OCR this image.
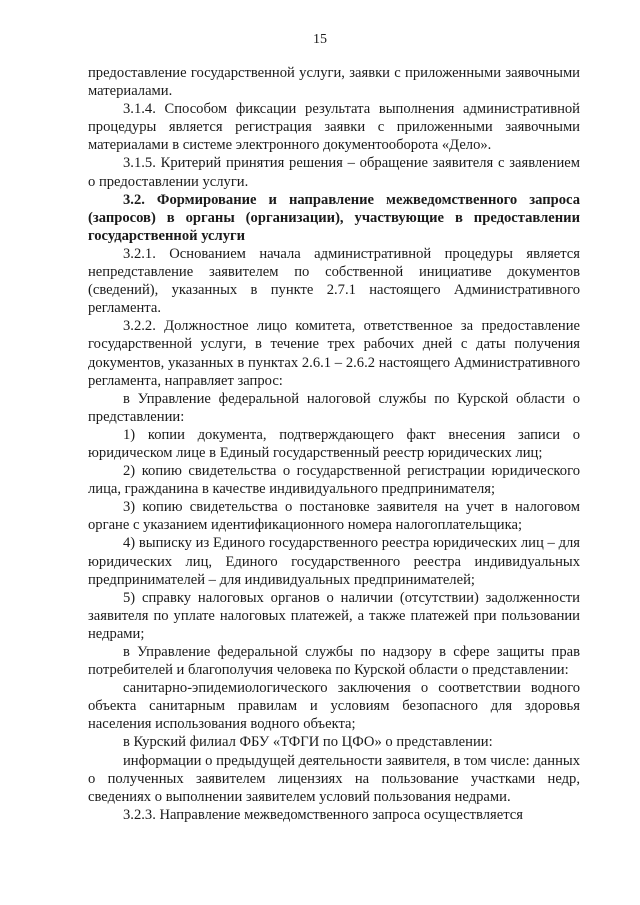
15

предоставление государственной услуги, заявки с приложенными заявочными материалами.

3.1.4. Способом фиксации результата выполнения административной процедуры является регистрация заявки с приложенными заявочными материалами в системе электронного документооборота «Дело».

3.1.5. Критерий принятия решения – обращение заявителя с заявлением о предоставлении услуги.

3.2. Формирование и направление межведомственного запроса (запросов) в органы (организации), участвующие в предоставлении государственной услуги

3.2.1. Основанием начала административной процедуры является непредставление заявителем по собственной инициативе документов (сведений), указанных в пункте 2.7.1 настоящего Административного регламента.

3.2.2. Должностное лицо комитета, ответственное за предоставление государственной услуги, в течение трех рабочих дней с даты получения документов, указанных в пунктах 2.6.1 – 2.6.2 настоящего Административного регламента, направляет запрос:

в Управление федеральной налоговой службы по Курской области о представлении:

1) копии документа, подтверждающего факт внесения записи о юридическом лице в Единый государственный реестр юридических лиц;

2) копию свидетельства о государственной регистрации юридического лица, гражданина в качестве индивидуального предпринимателя;

3) копию свидетельства о постановке заявителя на учет в налоговом органе с указанием идентификационного номера налогоплательщика;

4) выписку из Единого государственного реестра юридических лиц – для юридических лиц, Единого государственного реестра индивидуальных предпринимателей – для индивидуальных предпринимателей;

5) справку налоговых органов о наличии (отсутствии) задолженности заявителя по уплате налоговых платежей, а также платежей при пользовании недрами;

в Управление федеральной службы по надзору в сфере защиты прав потребителей и благополучия человека по Курской области о представлении:

санитарно-эпидемиологического заключения о соответствии водного объекта санитарным правилам и условиям безопасного для здоровья населения использования водного объекта;

в Курский филиал ФБУ «ТФГИ по ЦФО» о представлении:

информации о предыдущей деятельности заявителя, в том числе: данных о полученных заявителем лицензиях на пользование участками недр, сведениях о выполнении заявителем условий пользования недрами.

3.2.3. Направление межведомственного запроса осуществляется
